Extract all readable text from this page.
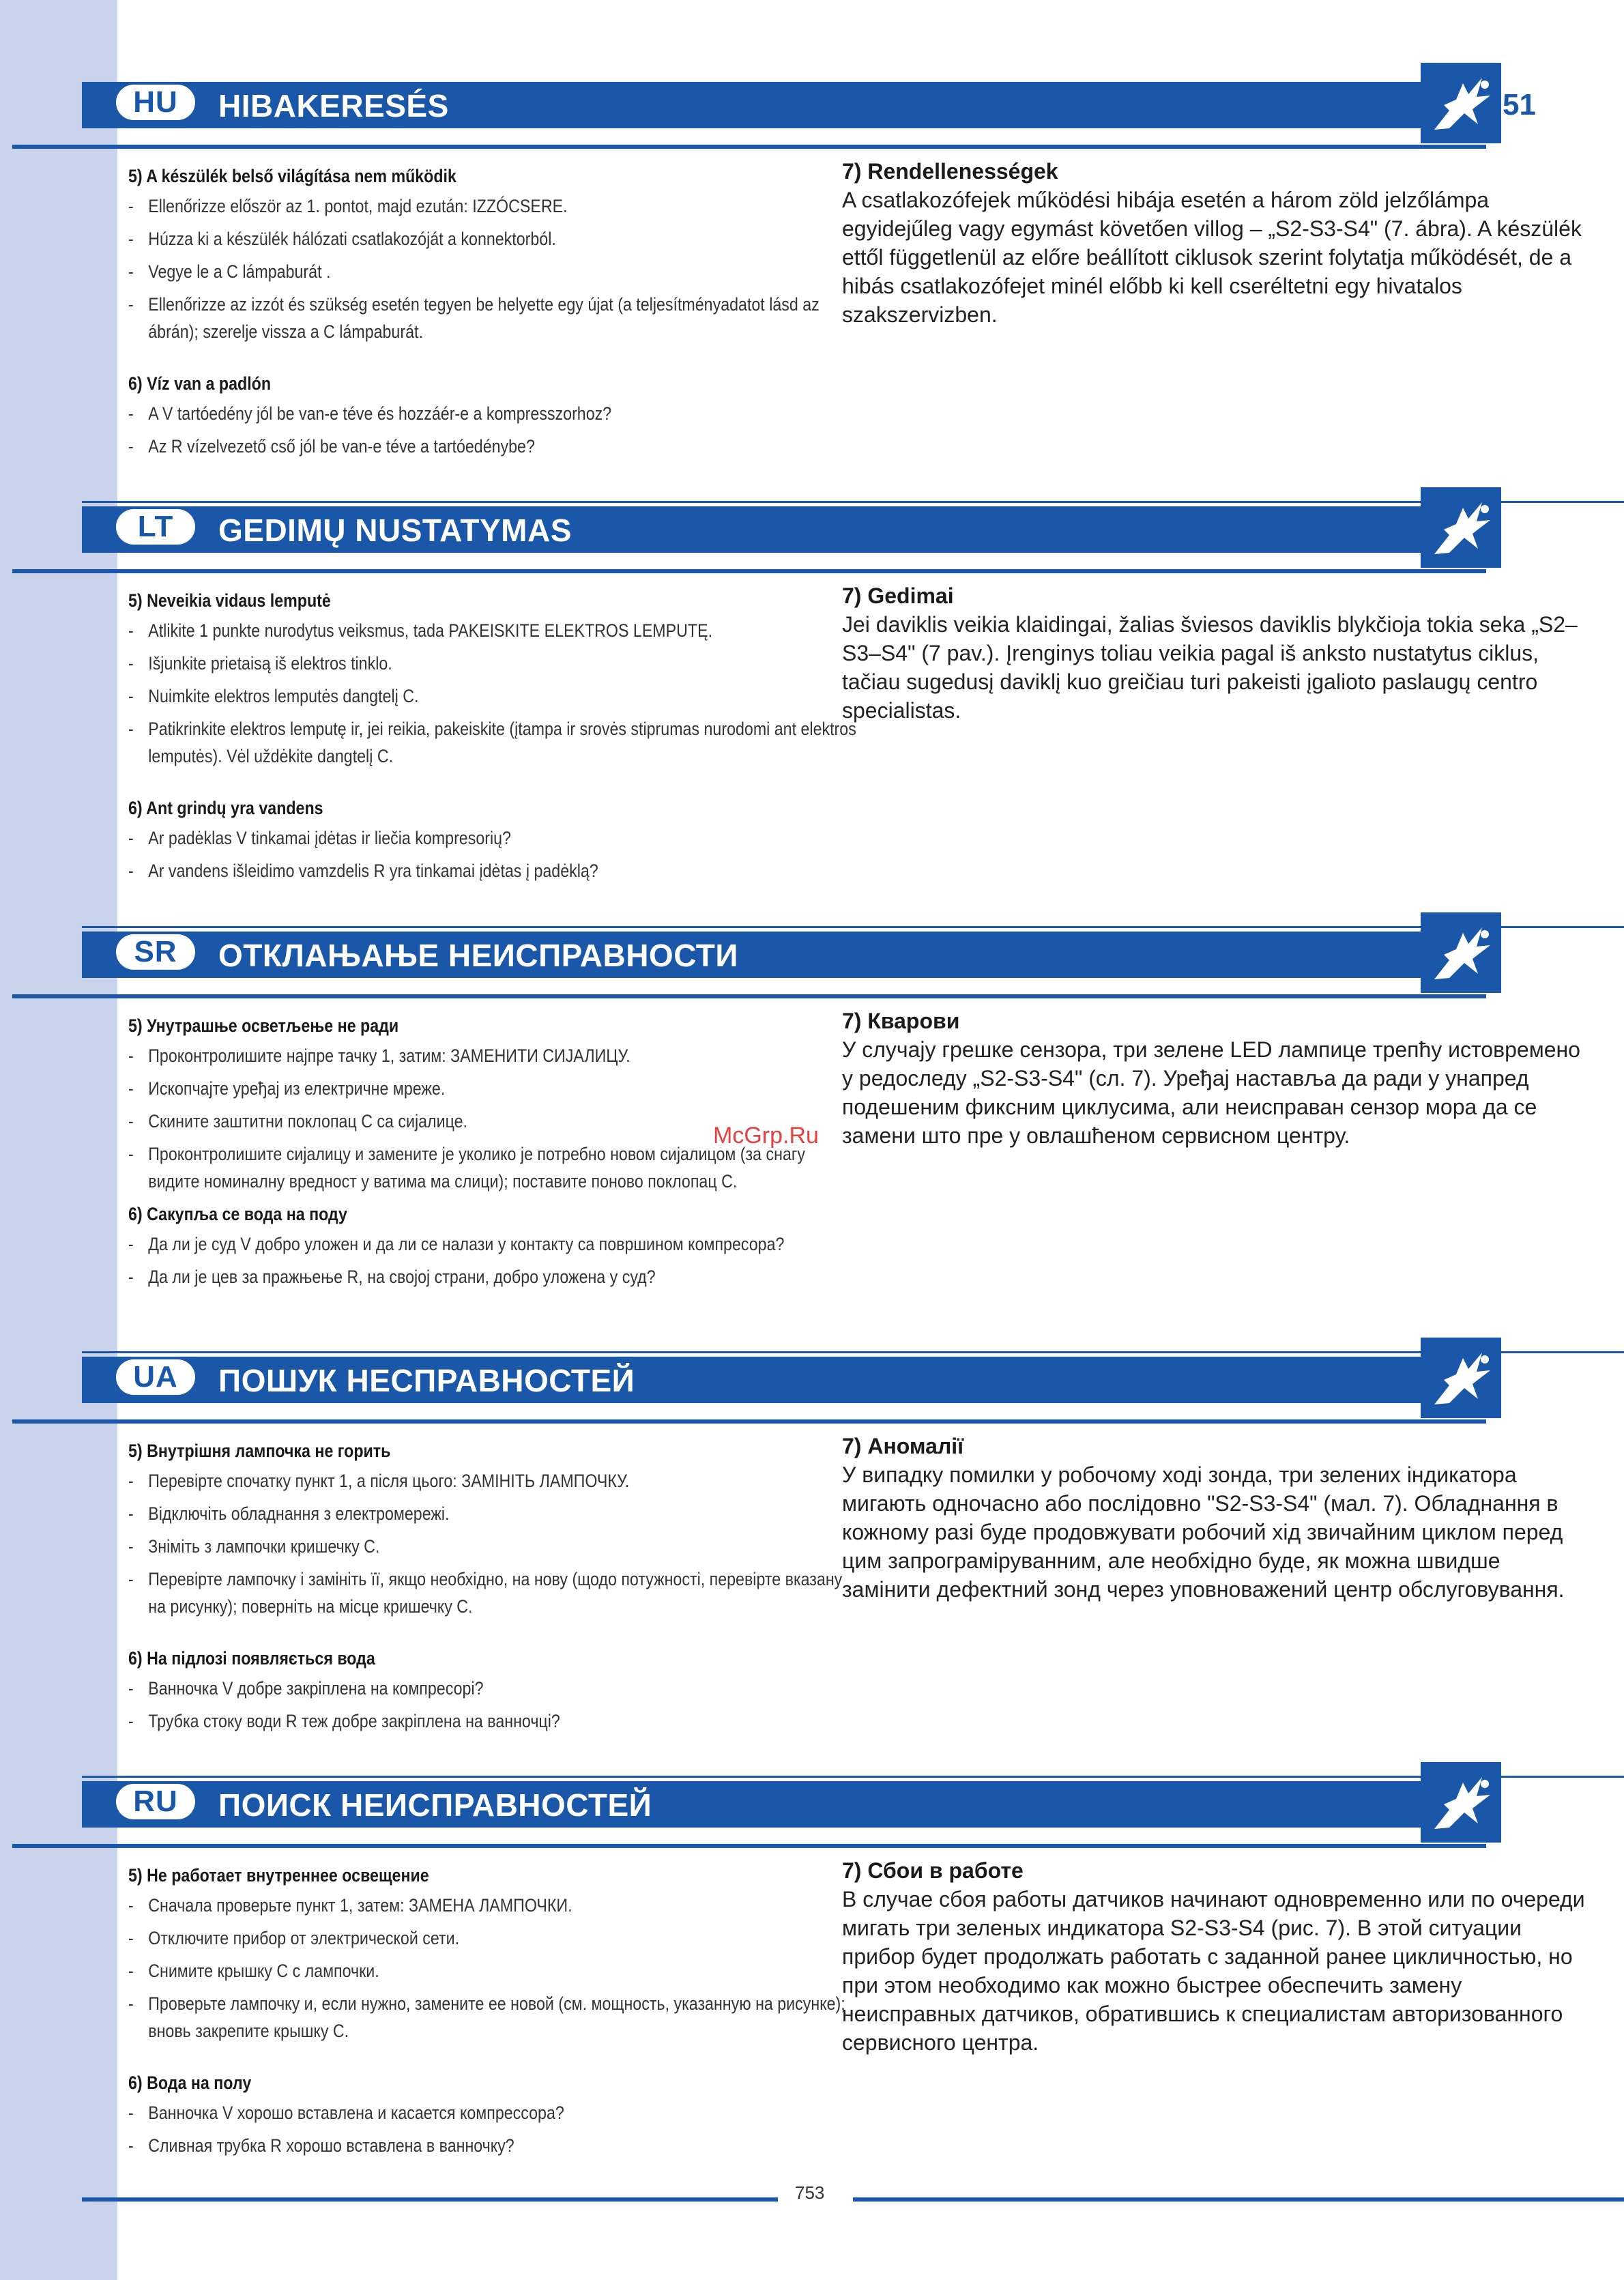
HU	HIBAKERESÉS	51
5) A készülék belső világítása nem működik
- Ellenőrizze először az 1. pontot, majd ezután: IZZÓCSERE.
- Húzza ki a készülék hálózati csatlakozóját a konnektorból.
- Vegye le a C lámpaburát .
- Ellenőrizze az izzót és szükség esetén tegyen be helyette egy újat (a teljesítményadatot lásd az ábrán); szerelje vissza a C lámpaburát.
6) Víz van a padlón
- A V tartóedény jól be van-e téve és hozzáér-e a kompresszorhoz?
- Az R vízelvezető cső jól be van-e téve a tartóedénybe?
7) Rendellenességek
A csatlakozófejek működési hibája esetén a három zöld jelzőlámpa egyidejűleg vagy egymást követően villog – „S2-S3-S4" (7. ábra). A készülék ettől függetlenül az előre beállított ciklusok szerint folytatja működését, de a hibás csatlakozófejet minél előbb ki kell cseréltetni egy hivatalos szakszervizben.
LT	GEDIMŲ NUSTATYMAS
5) Neveikia vidaus lemputė
- Atlikite 1 punkte nurodytus veiksmus, tada PAKEISKITE ELEKTROS LEMPUTĘ.
- Išjunkite prietaisą iš elektros tinklo.
- Nuimkite elektros lemputės dangtelį C.
- Patikrinkite elektros lemputę ir, jei reikia, pakeiskite (įtampa ir srovės stiprumas nurodomi ant elektros lemputės). Vėl uždėkite dangtelį C.
6) Ant grindų yra vandens
- Ar padėklas V tinkamai įdėtas ir liečia kompresorių?
- Ar vandens išleidimo vamzdelis R yra tinkamai įdėtas į padėklą?
7) Gedimai
Jei daviklis veikia klaidingai, žalias šviesos daviklis blykčioja tokia seka „S2–S3–S4" (7 pav.). Įrenginys toliau veikia pagal iš anksto nustatytus ciklus, tačiau sugedusį daviklį kuo greičiau turi pakeisti įgalioto paslaugų centro specialistas.
SR	ОТКЛАЊАЊЕ НЕИСПРАВНОСТИ
5) Унутрашње осветљење не ради
- Проконтролишите најпре тачку 1, затим: ЗАМЕНИТИ СИЈАЛИЦУ.
- Ископчајте уређај из електричне мреже.
- Скините заштитни поклопац C са сијалице.
- Проконтролишите сијалицу и замените је уколико је потребно новом сијалицом (за снагу видите номиналну вредност у ватима ма слици); поставите поново поклопац C.
6) Сакупља се вода на поду
- Да ли је суд V добро уложен и да ли се налази у контакту са површином компресора?
- Да ли је цев за пражњење R, на својој страни, добро уложена у суд?
7) Кварови
У случају грешке сензора, три зелене LED лампице трепћу истовремено у редоследу „S2-S3-S4" (сл. 7). Уређај наставља да ради у унапред подешеним фиксним циклусима, али неисправан сензор мора да се замени што пре у овлашћеном сервисном центру.
UA	ПОШУК НЕСПРАВНОСТЕЙ
5) Внутрішня лампочка не горить
- Перевірте спочатку пункт 1, а після цього: ЗАМІНІТЬ ЛАМПОЧКУ.
- Відключіть обладнання з електромережі.
- Зніміть з лампочки кришечку C.
- Перевірте лампочку і замініть її, якщо необхідно, на нову (щодо потужності, перевірте вказану на рисунку); поверніть на місце кришечку C.
6) На підлозі появляється вода
- Ванночка V добре закріплена на компресорі?
- Трубка стоку води R теж добре закріплена на ванночці?
7) Аномалії
У випадку помилки у робочому ході зонда, три зелених індикатора мигають одночасно або послідовно "S2-S3-S4" (мал. 7). Обладнання в кожному разі буде продовжувати робочий хід звичайним циклом перед цим запрограміруванним, але необхідно буде, як можна швидше замінити дефектний зонд через уповноважений центр обслуговування.
RU	ПОИСК НЕИСПРАВНОСТЕЙ
5) Не работает внутреннее освещение
- Сначала проверьте пункт 1, затем: ЗАМЕНА ЛАМПОЧКИ.
- Отключите прибор от электрической сети.
- Снимите крышку C с лампочки.
- Проверьте лампочку и, если нужно, замените ее новой (см. мощность, указанную на рисунке); вновь закрепите крышку C.
6) Вода на полу
- Ванночка V хорошо вставлена и касается компрессора?
- Сливная трубка R хорошо вставлена в ванночку?
7) Сбои в работе
В случае сбоя работы датчиков начинают одновременно или по очереди мигать три зеленых индикатора S2-S3-S4 (рис. 7). В этой ситуации прибор будет продолжать работать с заданной ранее цикличностью, но при этом необходимо как можно быстрее обеспечить замену неисправных датчиков, обратившись к специалистам авторизованного сервисного центра.
McGrp.Ru
753
